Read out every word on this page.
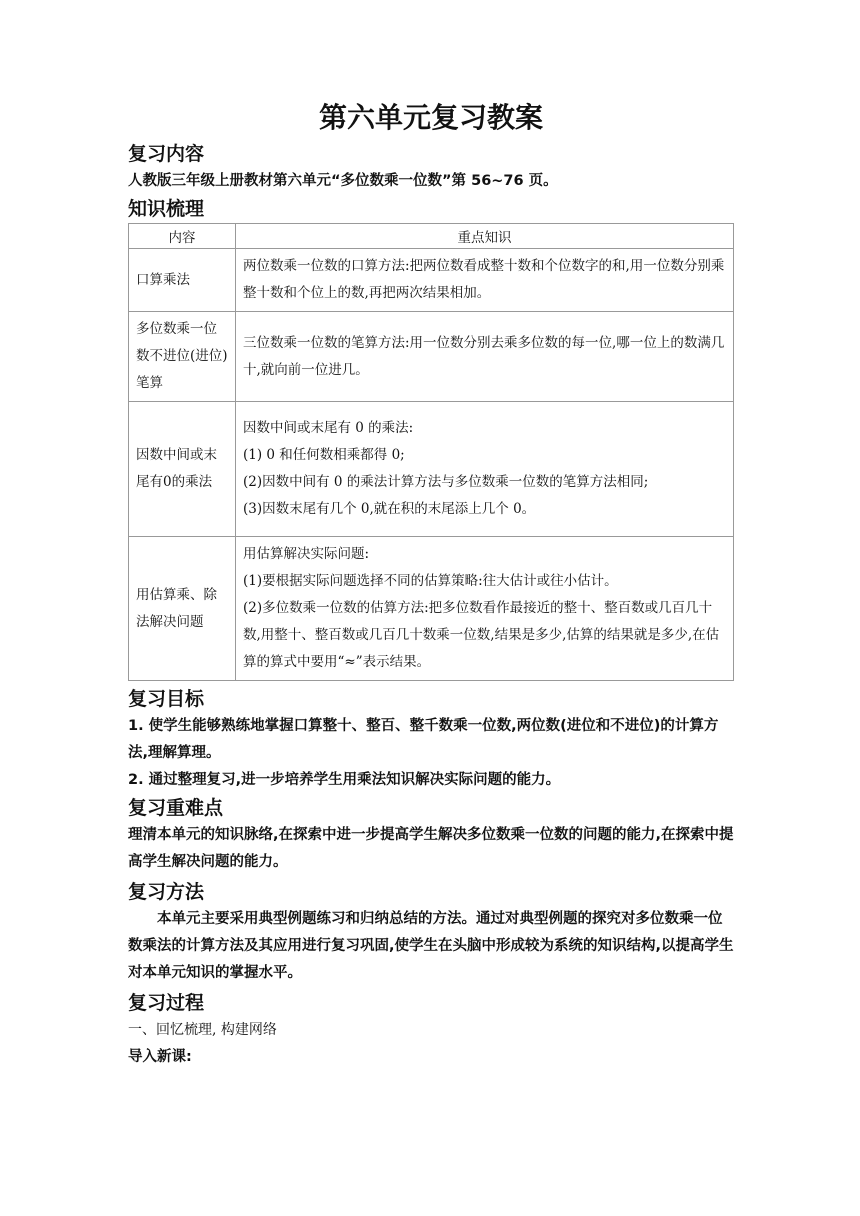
第六单元复习教案
复习内容

人教版三年级上册教材第六单元“多位数乘一位数”第 56~76 页。

知识梳理
内容	重点知识
口算乘法	两位数乘一位数的口算方法:把两位数看成整十数和个位数字的和,用一位数分别乘整十数和个位上的数,再把两次结果相加。

多位数乘一位数不进位(进位)笔算	三位数乘一位数的笔算方法:用一位数分别去乘多位数的每一位,哪一位上的数满几十,就向前一位进几。

因数中间或末尾有0的乘法	因数中间或末尾有 0 的乘法:
(1) 0 和任何数相乘都得 0;
(2)因数中间有 0 的乘法计算方法与多位数乘一位数的笔算方法相同;
(3)因数末尾有几个 0,就在积的末尾添上几个 0。

用估算乘、除法解决问题	用估算解决实际问题:
(1)要根据实际问题选择不同的估算策略:往大估计或往小估计。
(2)多位数乘一位数的估算方法:把多位数看作最接近的整十、整百数或几百几十数,用整十、整百数或几百几十数乘一位数,结果是多少,估算的结果就是多少,在估算的算式中要用“≈”表示结果。
复习目标

1. 使学生能够熟练地掌握口算整十、整百、整千数乘一位数,两位数(进位和不进位)的计算方法,理解算理。

2. 通过整理复习,进一步培养学生用乘法知识解决实际问题的能力。

复习重难点

理清本单元的知识脉络,在探索中进一步提高学生解决多位数乘一位数的问题的能力,在探索中提高学生解决问题的能力。

复习方法

本单元主要采用典型例题练习和归纳总结的方法。通过对典型例题的探究对多位数乘一位数乘法的计算方法及其应用进行复习巩固,使学生在头脑中形成较为系统的知识结构,以提高学生对本单元知识的掌握水平。

复习过程

一、回忆梳理, 构建网络

导入新课:
